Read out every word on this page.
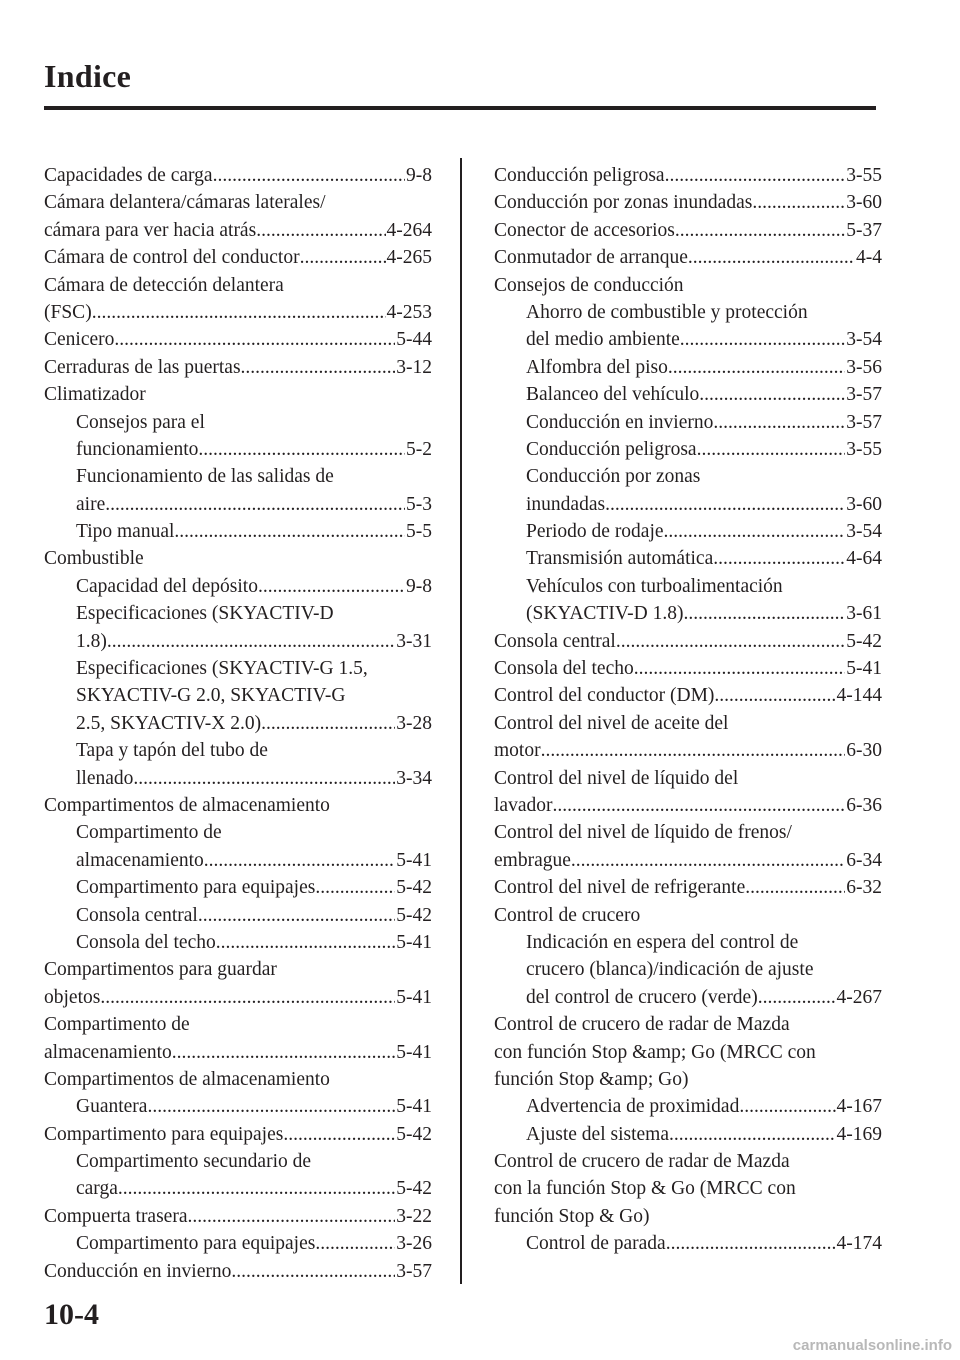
Indice
Capacidades de carga .....	9-8
Cámara delantera/cámaras laterales/
cámara para ver hacia atrás .....	4-264
Cámara de control del conductor .....	4-265
Cámara de detección delantera
(FSC) .....	4-253
Cenicero .....	5-44
Cerraduras de las puertas .....	3-12
Climatizador
Consejos para el
funcionamiento .....	5-2
Funcionamiento de las salidas de
aire .....	5-3
Tipo manual .....	5-5
Combustible
Capacidad del depósito .....	9-8
Especificaciones (SKYACTIV-D
1.8) .....	3-31
Especificaciones (SKYACTIV-G 1.5,
SKYACTIV-G 2.0, SKYACTIV-G
2.5, SKYACTIV-X 2.0) .....	3-28
Tapa y tapón del tubo de
llenado .....	3-34
Compartimentos de almacenamiento
Compartimento de
almacenamiento .....	5-41
Compartimento para equipajes .....	5-42
Consola central .....	5-42
Consola del techo .....	5-41
Compartimentos para guardar
objetos .....	5-41
Compartimento de
almacenamiento .....	5-41
Compartimentos de almacenamiento
Guantera .....	5-41
Compartimento para equipajes .....	5-42
Compartimento secundario de
carga .....	5-42
Compuerta trasera .....	3-22
Compartimento para equipajes .....	3-26
Conducción en invierno .....	3-57
Conducción peligrosa .....	3-55
Conducción por zonas inundadas .....	3-60
Conector de accesorios .....	5-37
Conmutador de arranque .....	4-4
Consejos de conducción
Ahorro de combustible y protección
del medio ambiente .....	3-54
Alfombra del piso .....	3-56
Balanceo del vehículo .....	3-57
Conducción en invierno .....	3-57
Conducción peligrosa .....	3-55
Conducción por zonas
inundadas .....	3-60
Periodo de rodaje .....	3-54
Transmisión automática .....	4-64
Vehículos con turboalimentación
(SKYACTIV-D 1.8) .....	3-61
Consola central .....	5-42
Consola del techo .....	5-41
Control del conductor (DM) .....	4-144
Control del nivel de aceite del
motor .....	6-30
Control del nivel de líquido del
lavador .....	6-36
Control del nivel de líquido de frenos/
embrague .....	6-34
Control del nivel de refrigerante .....	6-32
Control de crucero
Indicación en espera del control de
crucero (blanca)/indicación de ajuste
del control de crucero (verde) .....	4-267
Control de crucero de radar de Mazda
con función Stop &amp; Go (MRCC con
función Stop &amp; Go)
Advertencia de proximidad .....	4-167
Ajuste del sistema .....	4-169
Control de crucero de radar de Mazda
con la función Stop & Go (MRCC con
función Stop & Go)
Control de parada .....	4-174
10-4
carmanualsonline.info
